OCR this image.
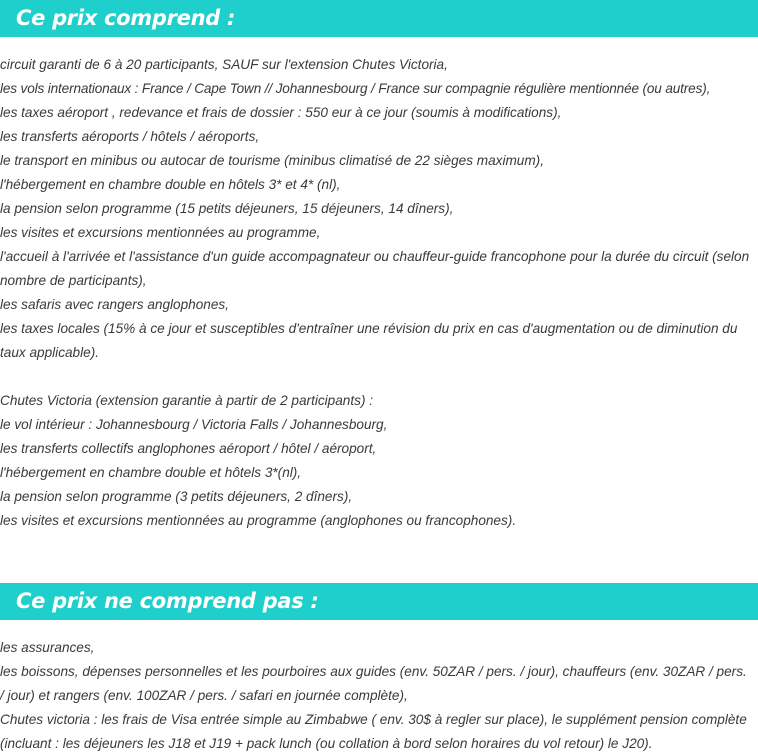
Ce prix comprend :

circuit garanti de 6 à 20 participants, SAUF sur l'extension Chutes Victoria,

les vols internationaux : France / Cape Town // Johannesbourg / France sur compagnie régulière mentionnée (ou autres),

les taxes aéroport , redevance et frais de dossier : 550 eur à ce jour (soumis à modifications),

les transferts aéroports / hôtels / aéroports,

le transport en minibus ou autocar de tourisme (minibus climatisé de 22 sièges maximum),

l'hébergement en chambre double en hôtels 3* et 4* (nl),

la pension selon programme (15 petits déjeuners, 15 déjeuners, 14 dîners),

les visites et excursions mentionnées au programme,

l'accueil à l'arrivée et l'assistance d'un guide accompagnateur ou chauffeur-guide francophone pour la durée du circuit (selon nombre de participants),

les safaris avec rangers anglophones,

les taxes locales (15% à ce jour et susceptibles d'entraîner une révision du prix en cas d'augmentation ou de diminution du taux applicable).

Chutes Victoria (extension garantie à partir de 2 participants) :

le vol intérieur : Johannesbourg / Victoria Falls / Johannesbourg,

les transferts collectifs anglophones aéroport / hôtel / aéroport,

l'hébergement en chambre double et hôtels 3*(nl),

la pension selon programme (3 petits déjeuners, 2 dîners),

les visites et excursions mentionnées au programme (anglophones ou francophones).

Ce prix ne comprend pas :

les assurances,

les boissons, dépenses personnelles et les pourboires aux guides (env. 50ZAR / pers. / jour), chauffeurs (env. 30ZAR / pers. / jour) et rangers (env. 100ZAR / pers. / safari en journée complète),

Chutes victoria : les frais de Visa entrée simple au Zimbabwe ( env. 30$ à regler sur place), le supplément pension complète (incluant : les déjeuners les J18 et J19 + pack lunch (ou collation à bord selon horaires du vol retour) le J20).
